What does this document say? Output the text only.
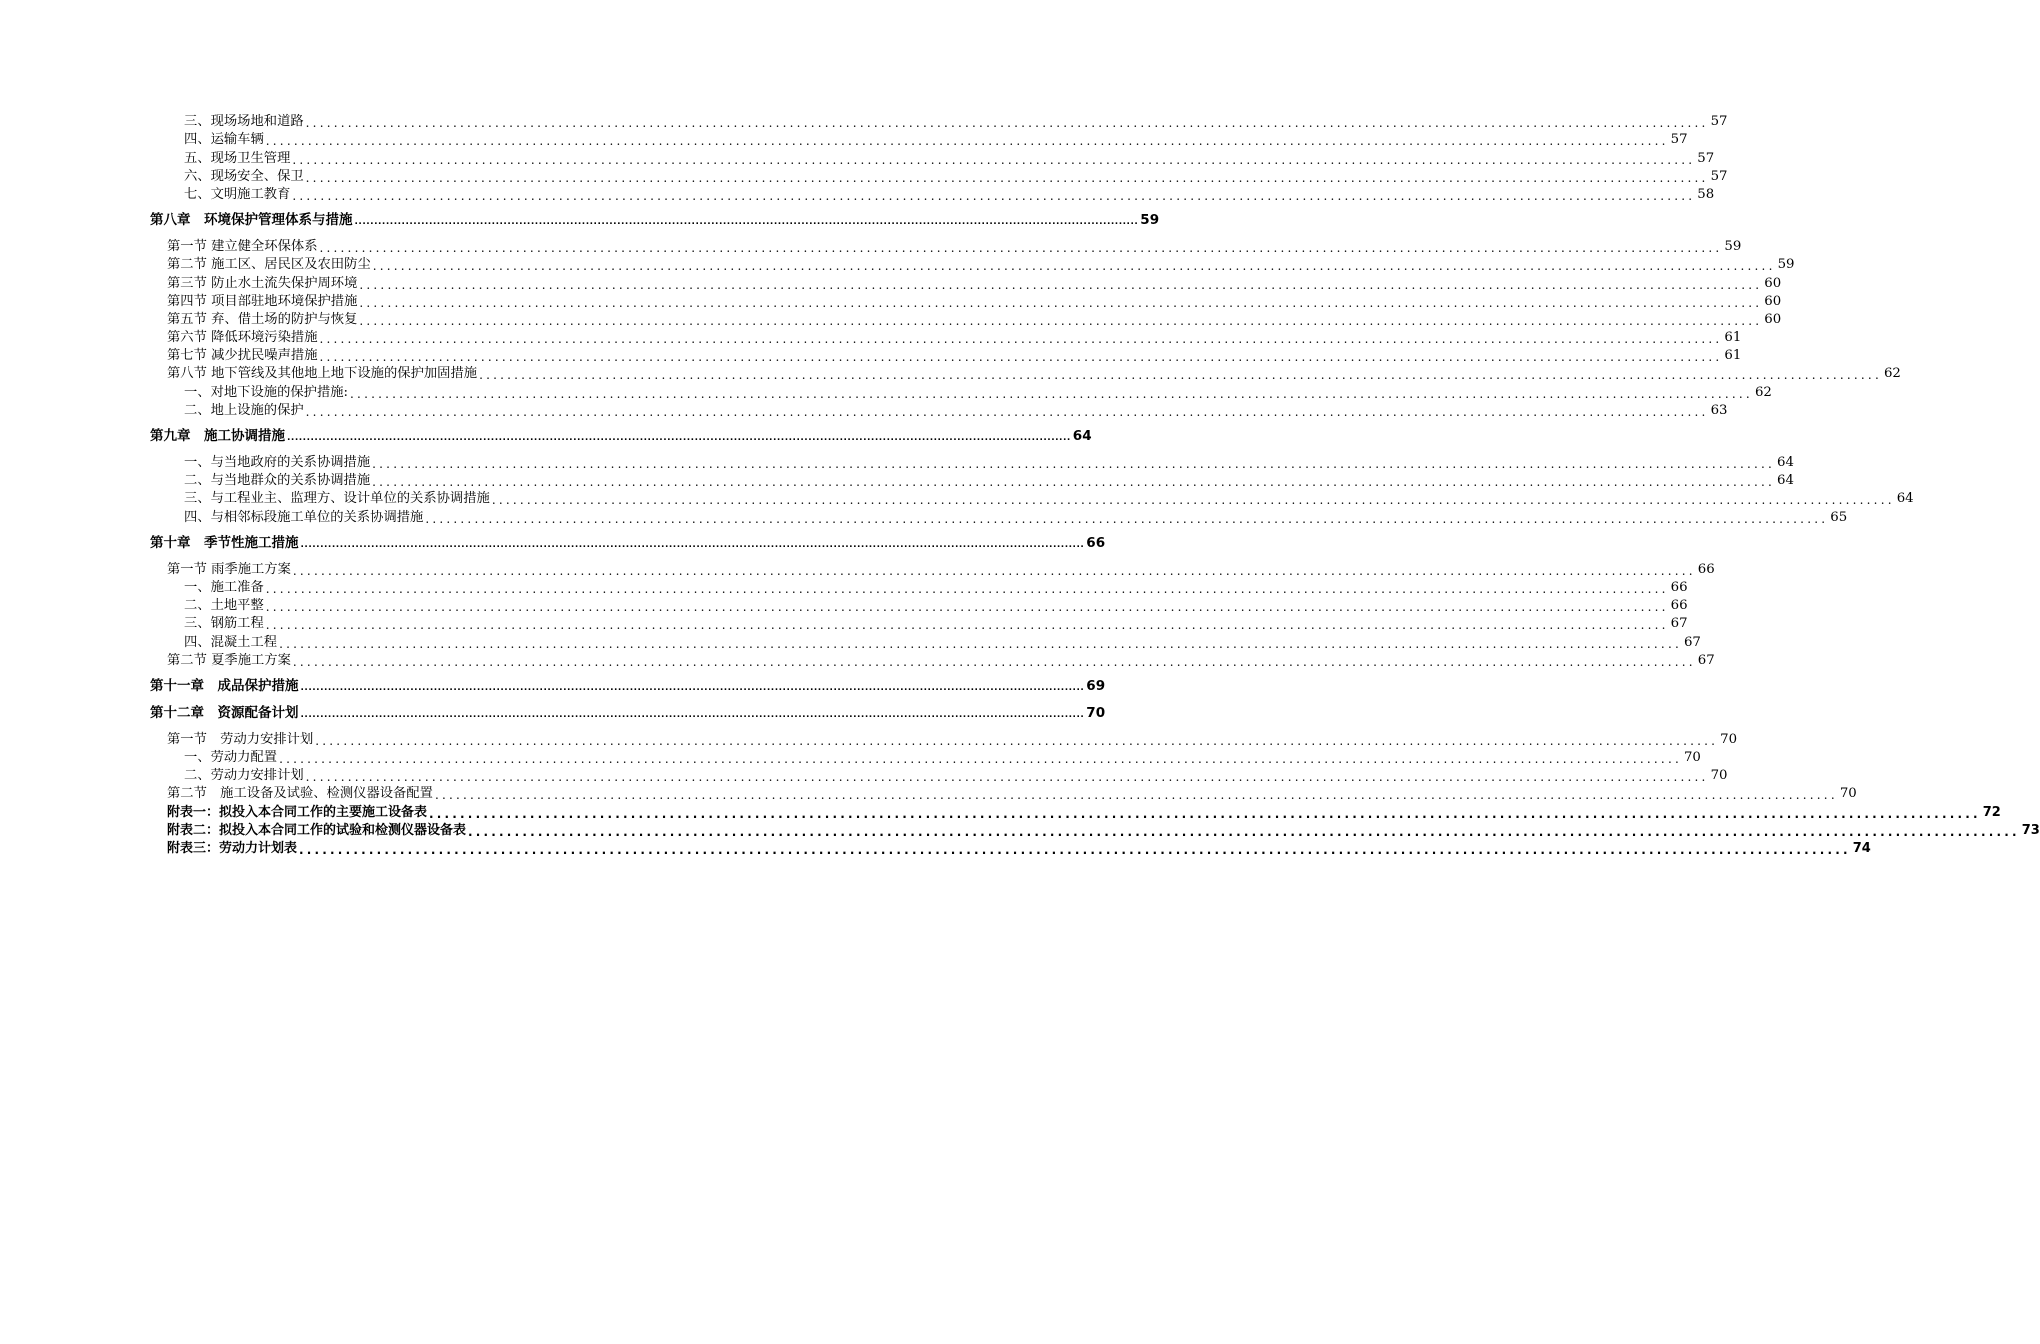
三、现场场地和道路 ........................................................................................................................................................................................................ 57
四、运输车辆 ........................................................................................................................................................................................................ 57
五、现场卫生管理 ........................................................................................................................................................................................................ 57
六、现场安全、保卫 ........................................................................................................................................................................................................ 57
七、文明施工教育 ........................................................................................................................................................................................................ 58
第八章　环境保护管理体系与措施 ........................................................................................................................................................................................................ 59
第一节 建立健全环保体系 ........................................................................................................................................................................................................ 59
第二节 施工区、居民区及农田防尘 ........................................................................................................................................................................................................ 59
第三节 防止水土流失保护周环境 ........................................................................................................................................................................................................ 60
第四节 项目部驻地环境保护措施 ........................................................................................................................................................................................................ 60
第五节 弃、借土场的防护与恢复 ........................................................................................................................................................................................................ 60
第六节 降低环境污染措施 ........................................................................................................................................................................................................ 61
第七节 减少扰民噪声措施 ........................................................................................................................................................................................................ 61
第八节 地下管线及其他地上地下设施的保护加固措施 ........................................................................................................................................................................................................ 62
一、对地下设施的保护措施: ........................................................................................................................................................................................................ 62
二、地上设施的保护 ........................................................................................................................................................................................................ 63
第九章　施工协调措施 ........................................................................................................................................................................................................ 64
一、与当地政府的关系协调措施 ........................................................................................................................................................................................................ 64
二、与当地群众的关系协调措施 ........................................................................................................................................................................................................ 64
三、与工程业主、监理方、设计单位的关系协调措施 ........................................................................................................................................................................................................ 64
四、与相邻标段施工单位的关系协调措施 ........................................................................................................................................................................................................ 65
第十章　季节性施工措施 ........................................................................................................................................................................................................ 66
第一节 雨季施工方案 ........................................................................................................................................................................................................ 66
一、施工准备 ........................................................................................................................................................................................................ 66
二、土地平整 ........................................................................................................................................................................................................ 66
三、钢筋工程 ........................................................................................................................................................................................................ 67
四、混凝土工程 ........................................................................................................................................................................................................ 67
第二节 夏季施工方案 ........................................................................................................................................................................................................ 67
第十一章　成品保护措施 ........................................................................................................................................................................................................ 69
第十二章　资源配备计划 ........................................................................................................................................................................................................ 70
第一节　劳动力安排计划 ........................................................................................................................................................................................................ 70
一、劳动力配置 ........................................................................................................................................................................................................ 70
二、劳动力安排计划 ........................................................................................................................................................................................................ 70
第二节　施工设备及试验、检测仪器设备配置 ........................................................................................................................................................................................................ 70
附表一：拟投入本合同工作的主要施工设备表 ........................................................................................................................................................................................................ 72
附表二：拟投入本合同工作的试验和检测仪器设备表 ........................................................................................................................................................................................................ 73
附表三：劳动力计划表 ........................................................................................................................................................................................................ 74
